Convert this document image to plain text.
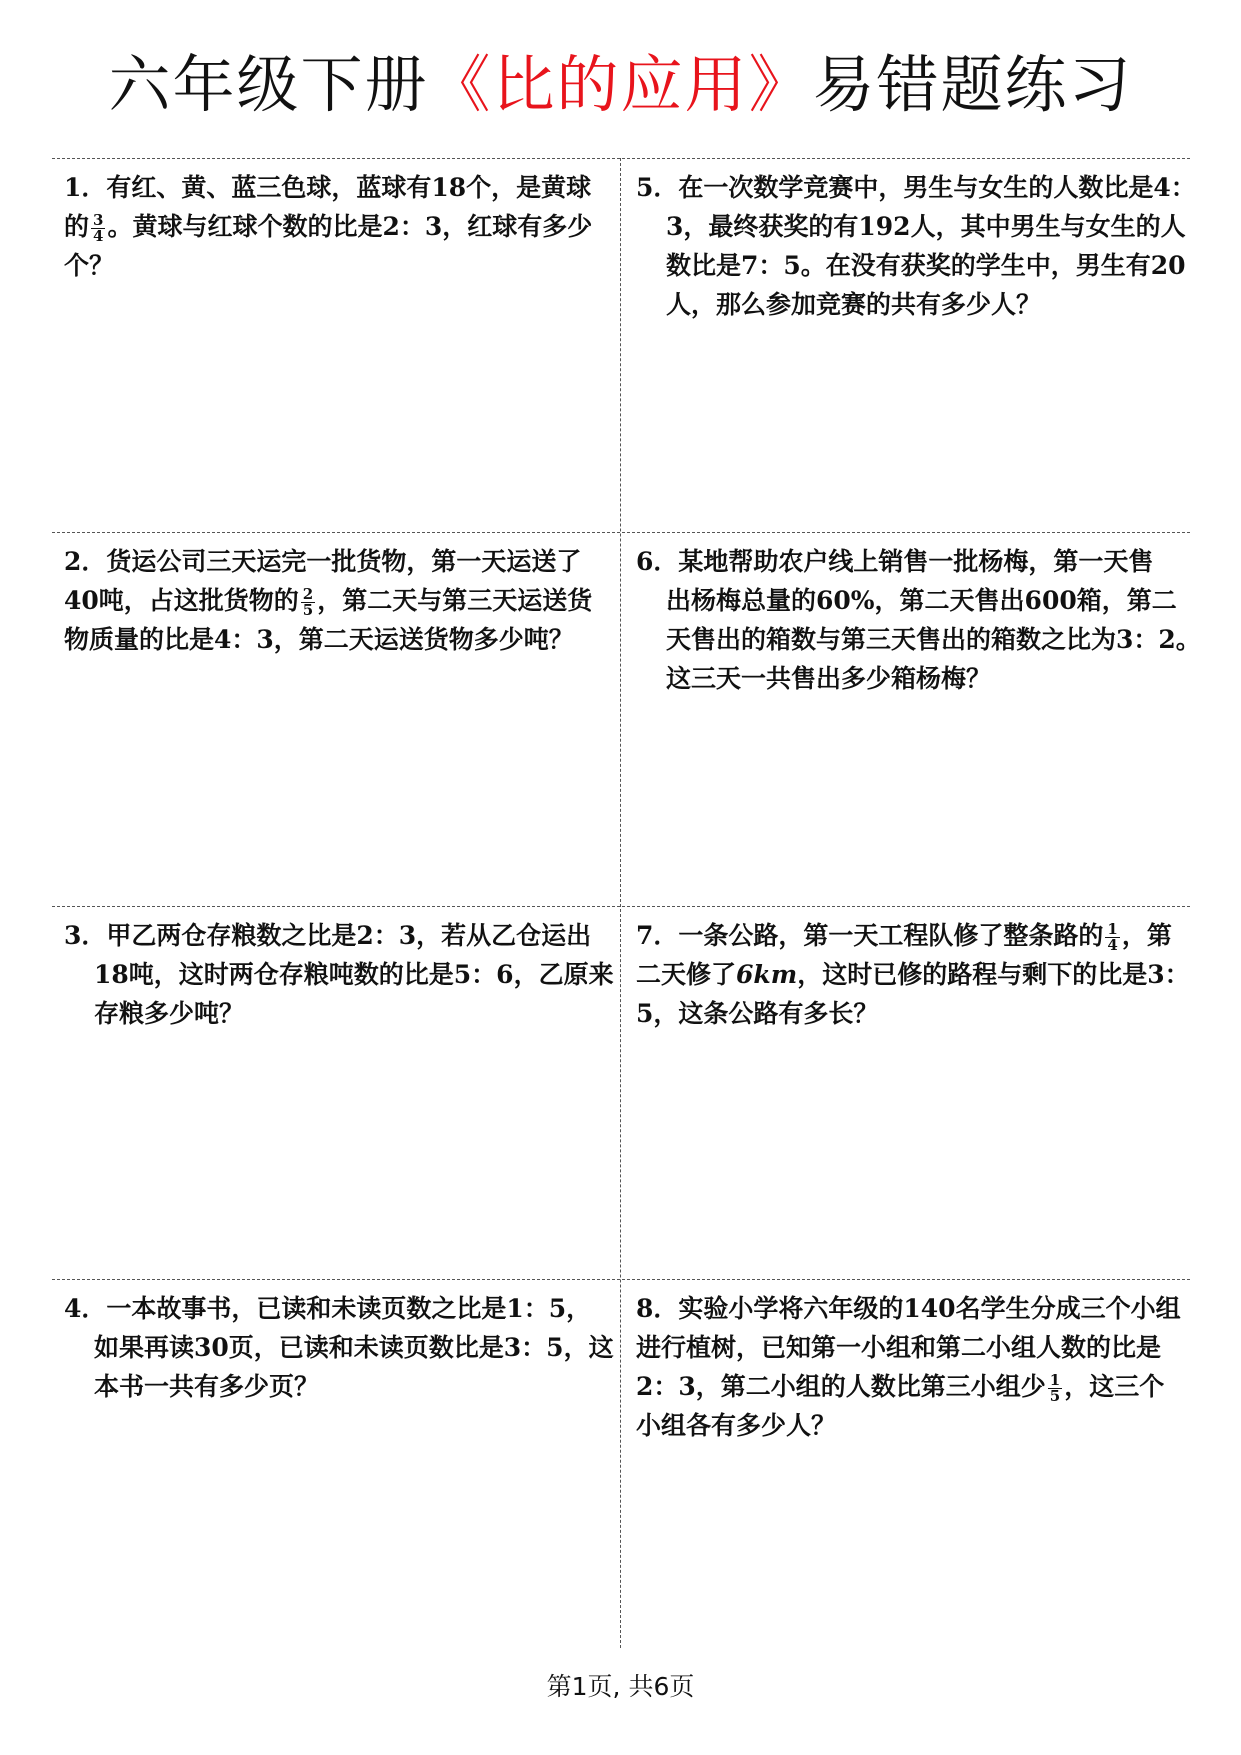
六年级下册《比的应用》易错题练习
1．有红、黄、蓝三色球，蓝球有18个，是黄球
的 $\frac{3}{4}$ 。黄球与红球个数的比是2：3，红球有多少
个？
5．在一次数学竞赛中，男生与女生的人数比是4：
3，最终获奖的有192人，其中男生与女生的人
数比是7：5。在没有获奖的学生中，男生有20
人，那么参加竞赛的共有多少人？
2．货运公司三天运完一批货物，第一天运送了
40吨，占这批货物的 $\frac{2}{5}$ ，第二天与第三天运送货
物质量的比是4：3，第二天运送货物多少吨？
6．某地帮助农户线上销售一批杨梅，第一天售
出杨梅总量的60%，第二天售出600箱，第二
天售出的箱数与第三天售出的箱数之比为3：2。
这三天一共售出多少箱杨梅？
3．甲乙两仓存粮数之比是2：3，若从乙仓运出
18吨，这时两仓存粮吨数的比是5：6，乙原来
存粮多少吨？
7．一条公路，第一天工程队修了整条路的 $\frac{1}{4}$ ，第
二天修了6km，这时已修的路程与剩下的比是3：
5，这条公路有多长？
4．一本故事书，已读和未读页数之比是1：5，
如果再读30页，已读和未读页数比是3：5，这
本书一共有多少页？
8．实验小学将六年级的140名学生分成三个小组
进行植树，已知第一小组和第二小组人数的比是
2：3，第二小组的人数比第三小组少 $\frac{1}{5}$ ，这三个
小组各有多少人？
第1页, 共6页
